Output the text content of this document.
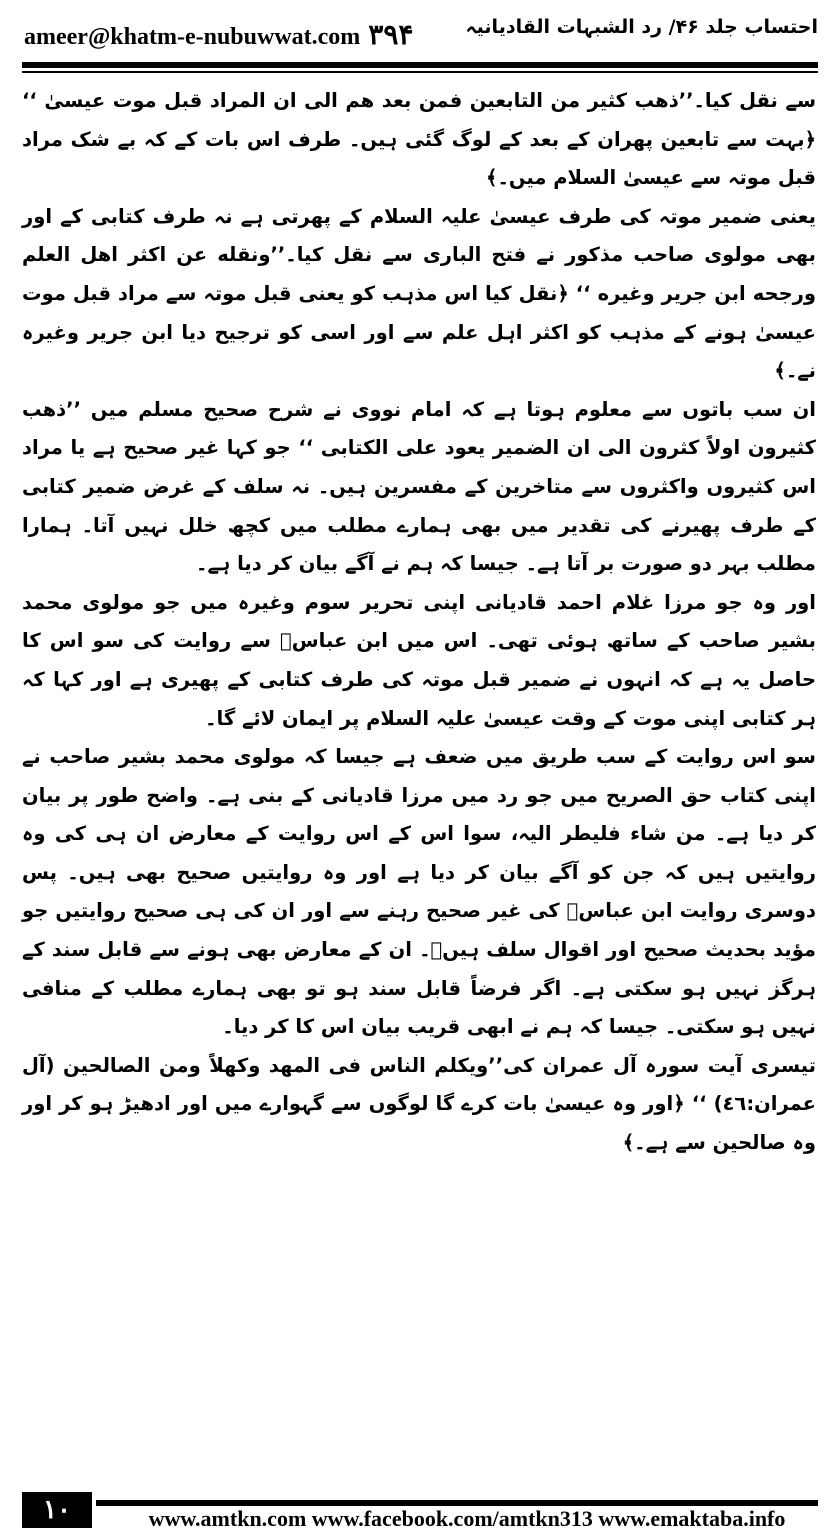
ameer@khatm-e-nubuwwat.com ۳۹۴	احتساب جلد ۴۶/ رد الشبہات القادیانیہ

سے نقل کیا۔’’ذهب كثير من التابعين فمن بعد هم الى ان المراد قبل موت عيسىٰ ‘‘ ﴿بہت سے تابعین پھران کے بعد کے لوگ گئی ہیں۔ طرف اس بات کے کہ بے شک مراد قبل موتہ سے عیسیٰ السلام میں۔﴾

یعنی ضمیر موتہ کی طرف عیسیٰ علیہ السلام کے پھرتی ہے نہ طرف کتابی کے اور بھی مولوی صاحب مذکور نے فتح الباری سے نقل کیا۔’’ونقله عن اكثر اهل العلم ورجحه ابن جرير وغيره ‘‘ ﴿نقل کیا اس مذہب کو یعنی قبل موتہ سے مراد قبل موت عیسیٰ ہونے کے مذہب کو اکثر اہل علم سے اور اسی کو ترجیح دیا ابن جریر وغیرہ نے۔﴾

ان سب باتوں سے معلوم ہوتا ہے کہ امام نووی نے شرح صحیح مسلم میں ’’ذهب كثيرون اولاً كثرون الى ان الضمير يعود على الكتابى ‘‘ جو کہا غیر صحیح ہے یا مراد اس کثیروں واکثروں سے متاخرین کے مفسرین ہیں۔ نہ سلف کے غرض ضمیر کتابی کے طرف پھیرنے کی تقدیر میں بھی ہمارے مطلب میں کچھ خلل نہیں آتا۔ ہمارا مطلب بہر دو صورت بر آتا ہے۔ جیسا کہ ہم نے آگے بیان کر دیا ہے۔

اور وہ جو مرزا غلام احمد قادیانی اپنی تحریر سوم وغیرہ میں جو مولوی محمد بشیر صاحب کے ساتھ ہوئی تھی۔ اس میں ابن عباسؓ سے روایت کی سو اس کا حاصل یہ ہے کہ انہوں نے ضمیر قبل موتہ کی طرف کتابی کے پھیری ہے اور کہا کہ ہر کتابی اپنی موت کے وقت عیسیٰ علیہ السلام پر ایمان لائے گا۔

سو اس روایت کے سب طریق میں ضعف ہے جیسا کہ مولوی محمد بشیر صاحب نے اپنی کتاب حق الصریح میں جو رد میں مرزا قادیانی کے بنی ہے۔ واضح طور پر بیان کر دیا ہے۔ من شاء فلیطر الیہ، سوا اس کے اس روایت کے معارض ان ہی کی وہ روایتیں ہیں کہ جن کو آگے بیان کر دیا ہے اور وہ روایتیں صحیح بھی ہیں۔ پس دوسری روایت ابن عباسؓ کی غیر صحیح رہنے سے اور ان کی ہی صحیح روایتیں جو مؤید بحدیث صحیح اور اقوال سلف ہیںؒ۔ ان کے معارض بھی ہونے سے قابل سند کے ہرگز نہیں ہو سکتی ہے۔ اگر فرضاً قابل سند ہو تو بھی ہمارے مطلب کے منافی نہیں ہو سکتی۔ جیسا کہ ہم نے ابھی قریب بیان اس کا کر دیا۔

تیسری آیت سورہ آل عمران کی’’ويكلم الناس فى المهد وكهلاً ومن الصالحين (آل عمران:٤٦) ‘‘ ﴿اور وہ عیسیٰ بات کرے گا لوگوں سے گہوارے میں اور ادھیڑ ہو کر اور وہ صالحین سے ہے۔﴾

۱۰	www.amtkn.com www.facebook.com/amtkn313 www.emaktaba.info
